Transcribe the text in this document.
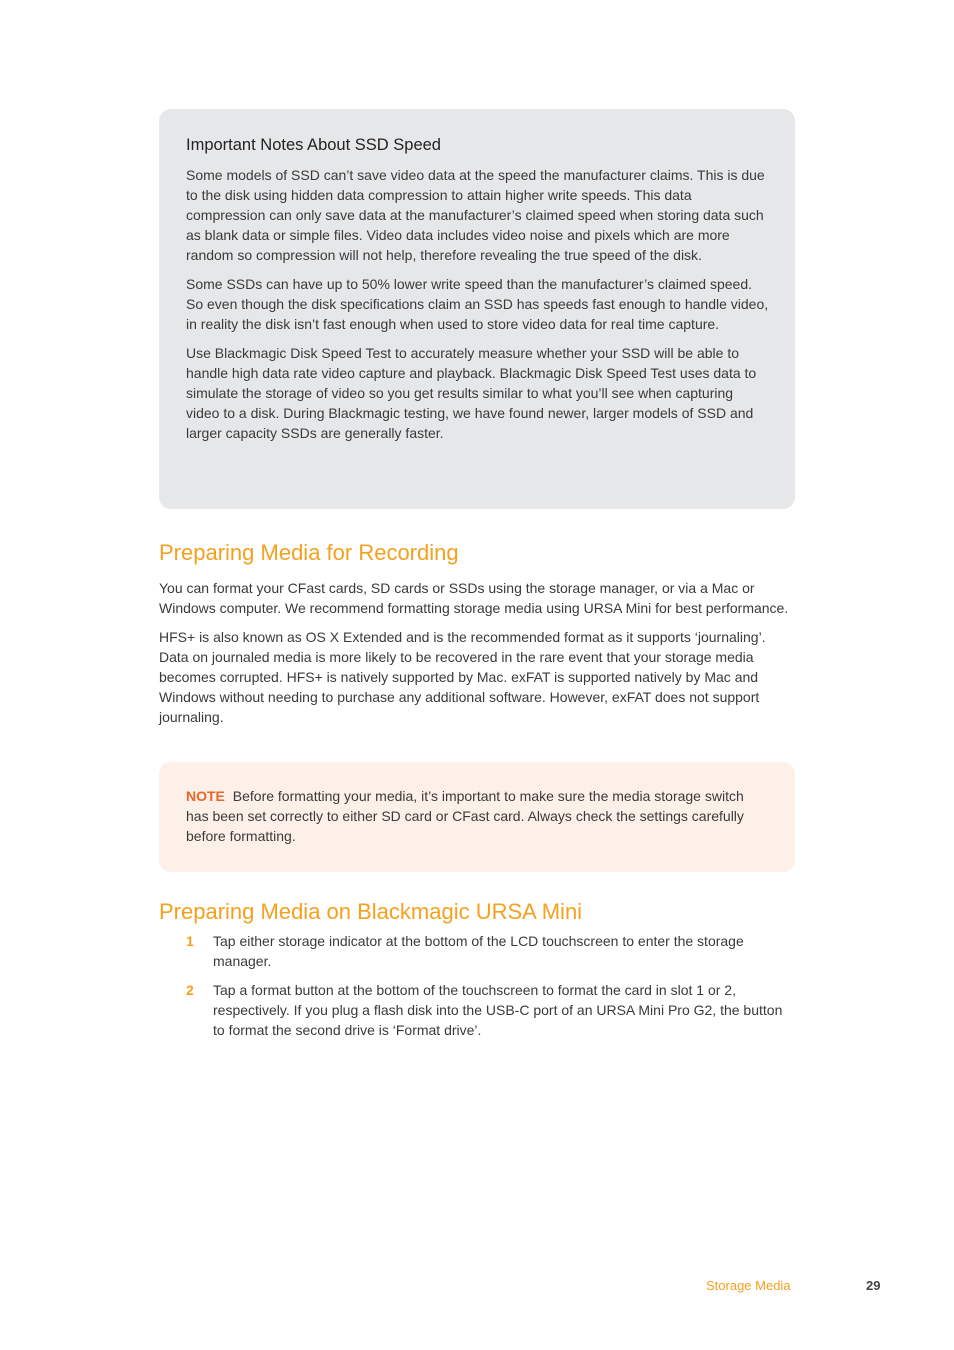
Important Notes About SSD Speed

Some models of SSD can’t save video data at the speed the manufacturer claims. This is due to the disk using hidden data compression to attain higher write speeds. This data compression can only save data at the manufacturer’s claimed speed when storing data such as blank data or simple files. Video data includes video noise and pixels which are more random so compression will not help, therefore revealing the true speed of the disk.

Some SSDs can have up to 50% lower write speed than the manufacturer’s claimed speed. So even though the disk specifications claim an SSD has speeds fast enough to handle video, in reality the disk isn’t fast enough when used to store video data for real time capture.

Use Blackmagic Disk Speed Test to accurately measure whether your SSD will be able to handle high data rate video capture and playback. Blackmagic Disk Speed Test uses data to simulate the storage of video so you get results similar to what you’ll see when capturing video to a disk. During Blackmagic testing, we have found newer, larger models of SSD and larger capacity SSDs are generally faster.

Preparing Media for Recording

You can format your CFast cards, SD cards or SSDs using the storage manager, or via a Mac or Windows computer. We recommend formatting storage media using URSA Mini for best performance.

HFS+ is also known as OS X Extended and is the recommended format as it supports ‘journaling’. Data on journaled media is more likely to be recovered in the rare event that your storage media becomes corrupted. HFS+ is natively supported by Mac. exFAT is supported natively by Mac and Windows without needing to purchase any additional software. However, exFAT does not support journaling.

NOTE Before formatting your media, it’s important to make sure the media storage switch has been set correctly to either SD card or CFast card. Always check the settings carefully before formatting.

Preparing Media on Blackmagic URSA Mini
1	Tap either storage indicator at the bottom of the LCD touchscreen to enter the storage manager.
2	Tap a format button at the bottom of the touchscreen to format the card in slot 1 or 2, respectively. If you plug a flash disk into the USB-C port of an URSA Mini Pro G2, the button to format the second drive is ‘Format drive’.
Storage Media	29
